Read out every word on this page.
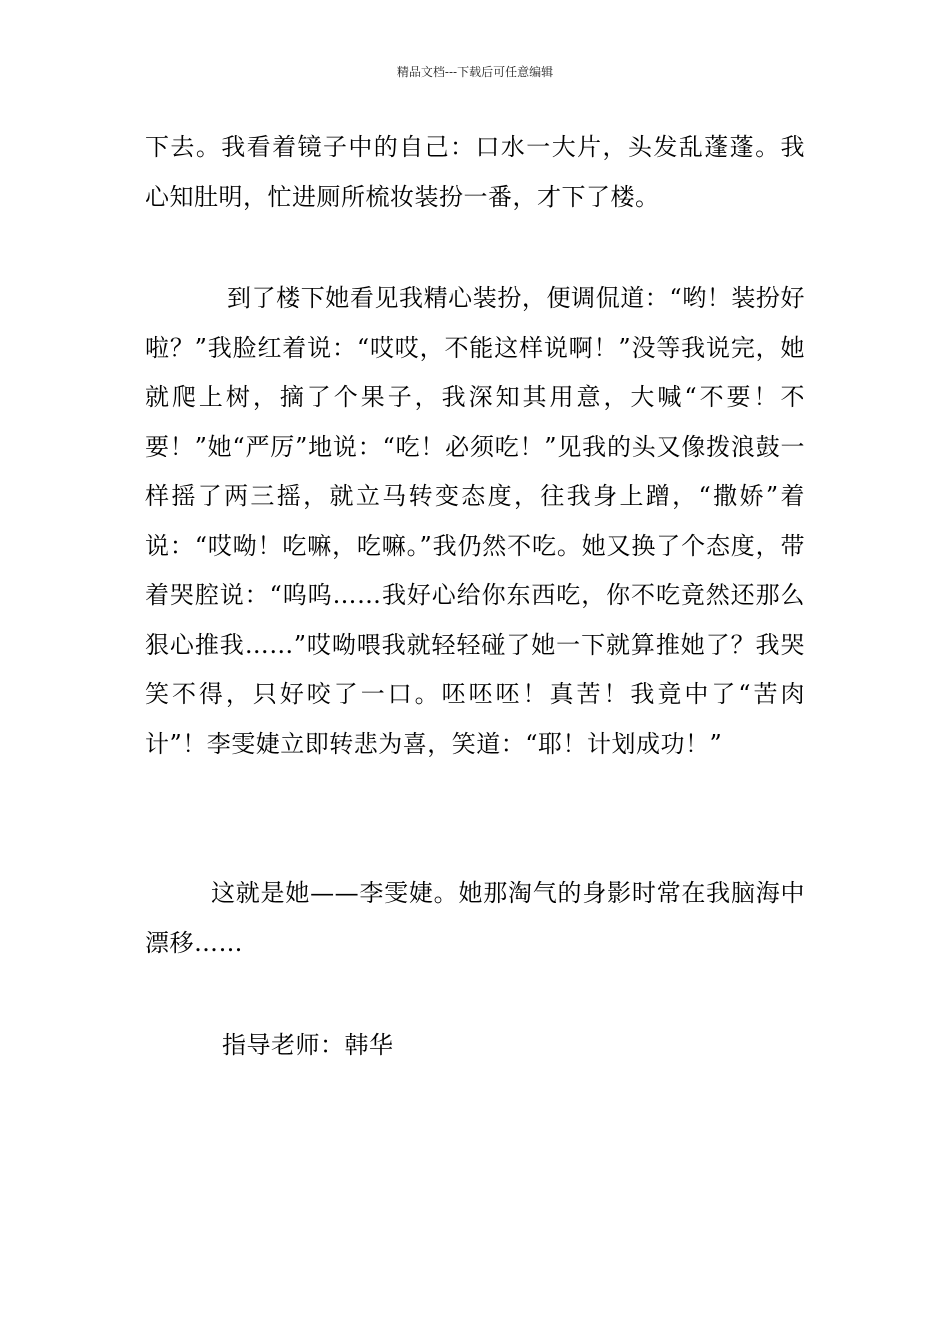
精品文档---下载后可任意编辑

下去。我看着镜子中的自己：口水一大片，头发乱蓬蓬。我心知肚明，忙进厕所梳妆装扮一番，才下了楼。

到了楼下她看见我精心装扮，便调侃道：“哟！装扮好啦？”我脸红着说：“哎哎，不能这样说啊！”没等我说完，她就爬上树，摘了个果子，我深知其用意，大喊“不要！不要！”她“严厉”地说：“吃！必须吃！”见我的头又像拨浪鼓一样摇了两三摇，就立马转变态度，往我身上蹭，“撒娇”着说：“哎呦！吃嘛，吃嘛。”我仍然不吃。她又换了个态度，带着哭腔说：“呜呜……我好心给你东西吃，你不吃竟然还那么狠心推我……”哎呦喂我就轻轻碰了她一下就算推她了？我哭笑不得，只好咬了一口。呸呸呸！真苦！我竟中了“苦肉计”！李雯婕立即转悲为喜，笑道：“耶！计划成功！”

这就是她——李雯婕。她那淘气的身影时常在我脑海中漂移……

指导老师：韩华
